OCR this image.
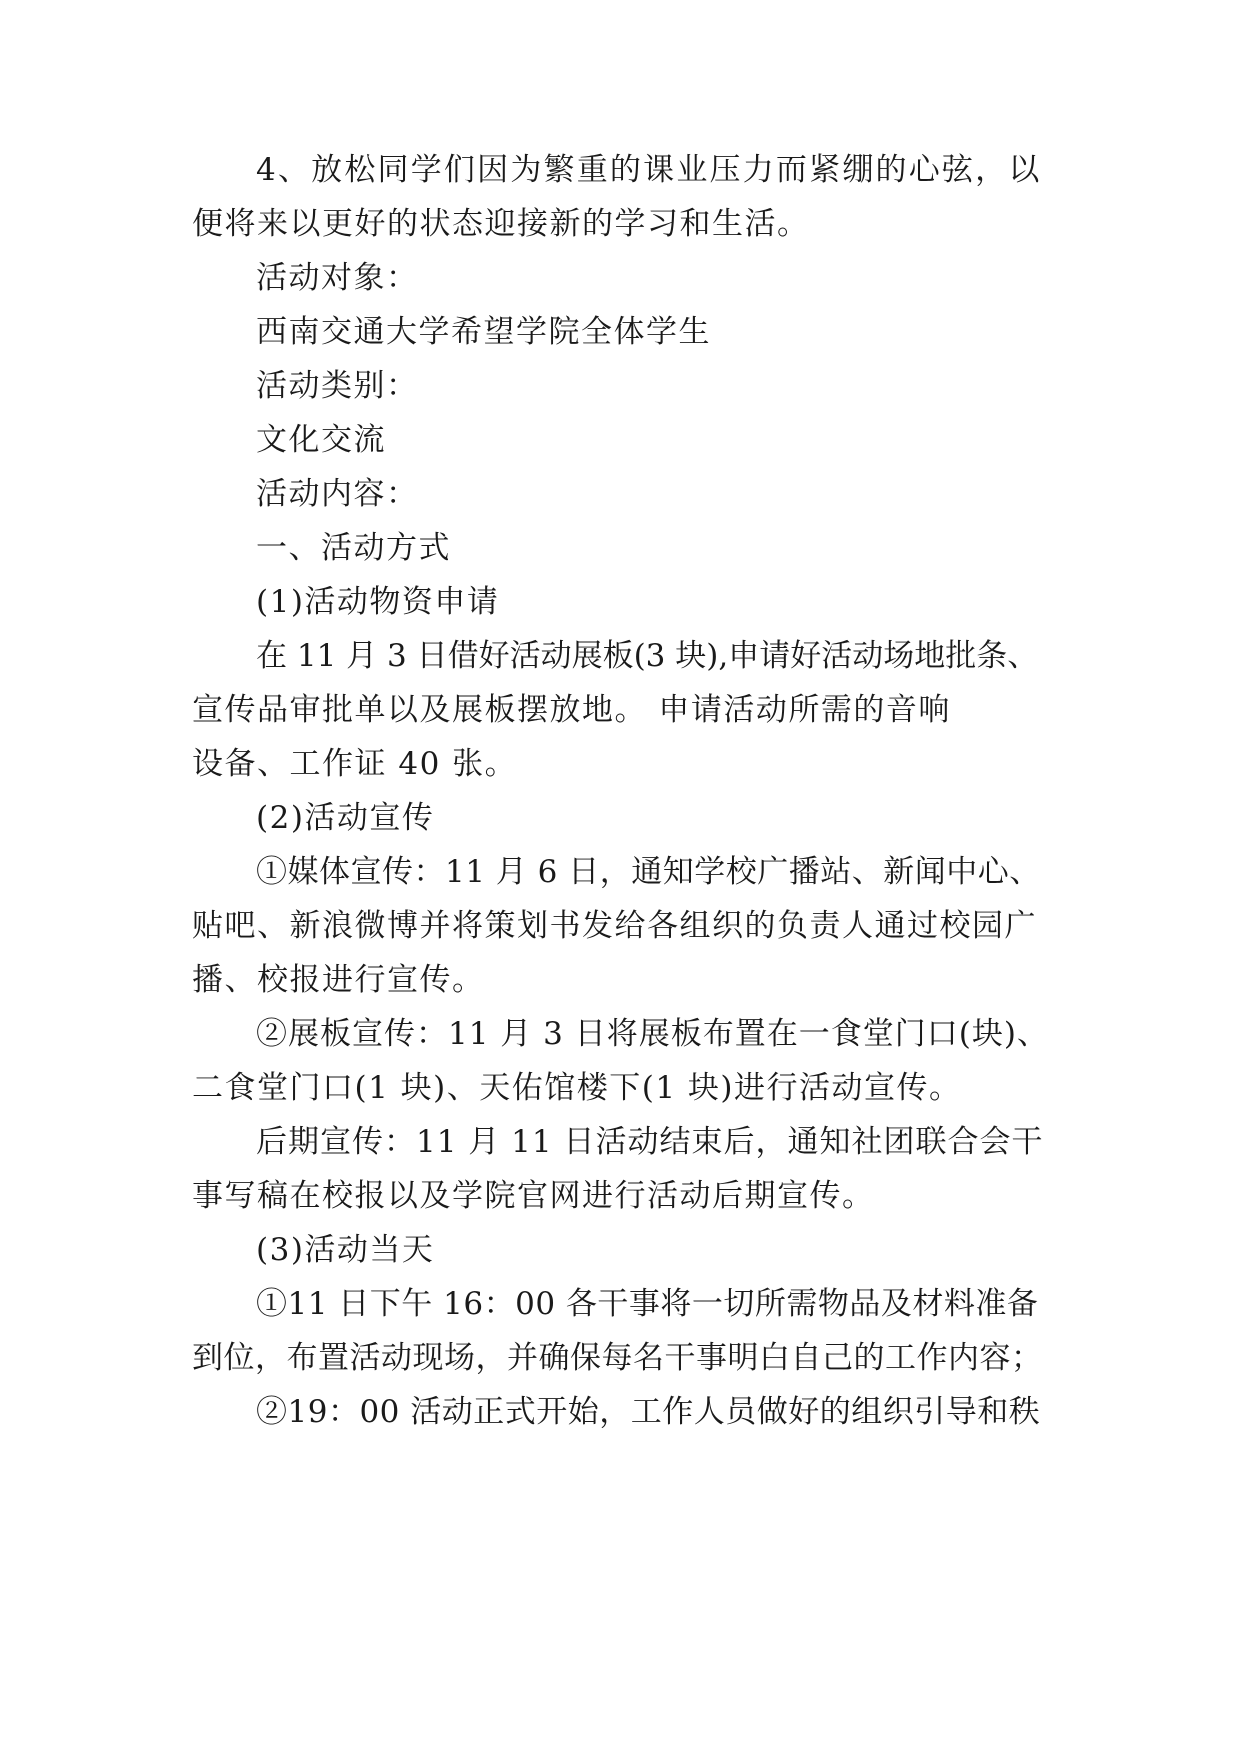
4、放松同学们因为繁重的课业压力而紧绷的心弦，以
便将来以更好的状态迎接新的学习和生活。
活动对象：
西南交通大学希望学院全体学生
活动类别：
文化交流
活动内容：
一、活动方式
(1)活动物资申请
在 11 月 3 日借好活动展板(3 块),申请好活动场地批条、
宣传品审批单以及展板摆放地。 申请活动所需的音响
设备、工作证 40 张。
(2)活动宣传
①媒体宣传：11 月 6 日，通知学校广播站、新闻中心、
贴吧、新浪微博并将策划书发给各组织的负责人通过校园广
播、校报进行宣传。
②展板宣传：11 月 3 日将展板布置在一食堂门口(块)、
二食堂门口(1 块)、天佑馆楼下(1 块)进行活动宣传。
后期宣传：11 月 11 日活动结束后，通知社团联合会干
事写稿在校报以及学院官网进行活动后期宣传。
(3)活动当天
①11 日下午 16：00 各干事将一切所需物品及材料准备
到位，布置活动现场，并确保每名干事明白自己的工作内容；
②19：00 活动正式开始，工作人员做好的组织引导和秩
